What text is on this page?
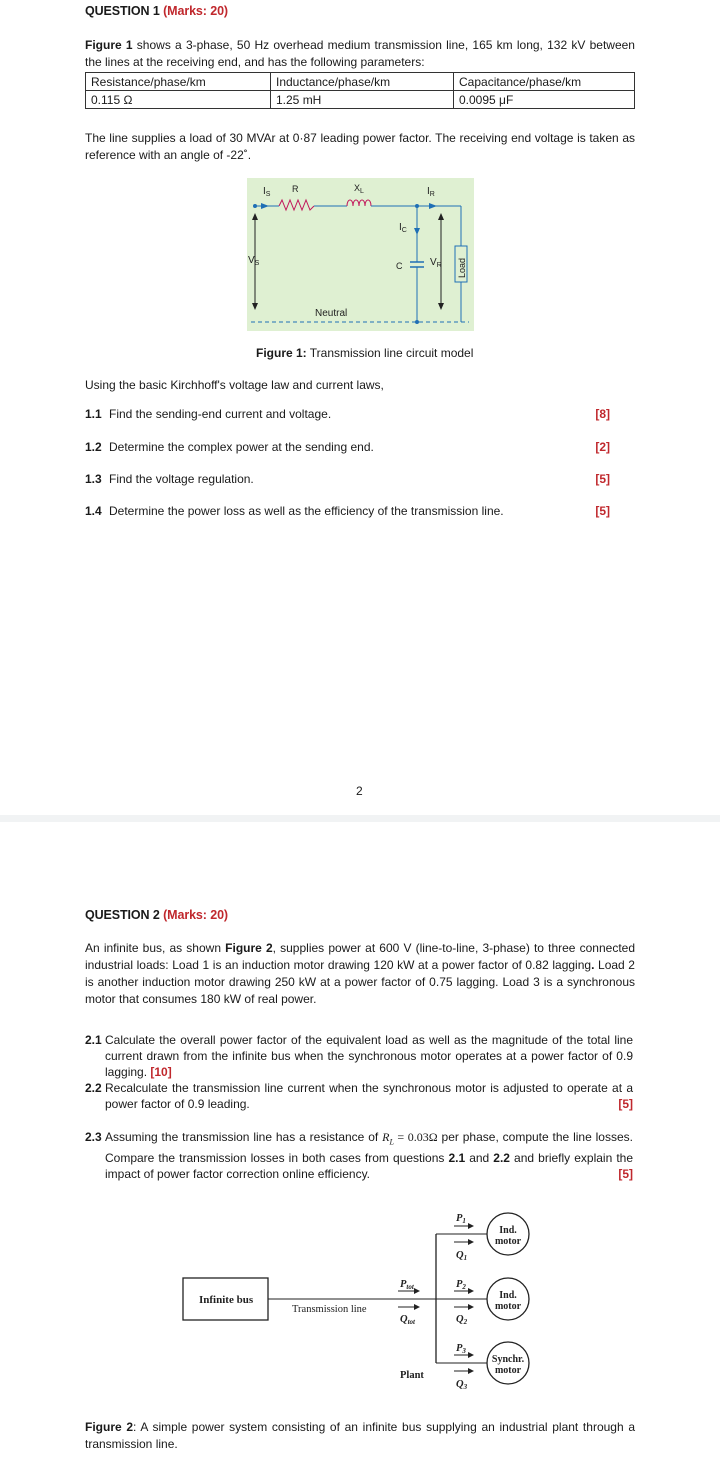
QUESTION 1 (Marks: 20)
Figure 1 shows a 3-phase, 50 Hz overhead medium transmission line, 165 km long, 132 kV between the lines at the receiving end, and has the following parameters:
Resistance/phase/km	Inductance/phase/km	Capacitance/phase/km
0.115 Ω	1.25 mH	0.0095 μF
The line supplies a load of 30 MVAr at 0·87 leading power factor. The receiving end voltage is taken as reference with an angle of -22˚.
Load
$I_S$
R	$X_L$	$I_R$
$I_C$
$V_S$	C	$V_R$
Neutral
Figure 1: Transmission line circuit model
Using the basic Kirchhoff's voltage law and current laws,
1.1 Find the sending-end current and voltage.	[8]
1.2 Determine the complex power at the sending end.	[2]
1.3 Find the voltage regulation.	[5]
1.4 Determine the power loss as well as the efficiency of the transmission line.	[5]
2
QUESTION 2 (Marks: 20)
An infinite bus, as shown Figure 2, supplies power at 600 V (line-to-line, 3-phase) to three connected industrial loads: Load 1 is an induction motor drawing 120 kW at a power factor of 0.82 lagging. Load 2 is another induction motor drawing 250 kW at a power factor of 0.75 lagging. Load 3 is a synchronous motor that consumes 180 kW of real power.
2.1 Calculate the overall power factor of the equivalent load as well as the magnitude of the total line current drawn from the infinite bus when the synchronous motor operates at a power factor of 0.9 lagging. [10]
2.2 Recalculate the transmission line current when the synchronous motor is adjusted to operate at a power factor of 0.9 leading.	[5]
2.3 Assuming the transmission line has a resistance of $R_L = 0.03\Omega$ per phase, compute the line losses. Compare the transmission losses in both cases from questions 2.1 and 2.2 and briefly explain the impact of power factor correction online efficiency.	[5]
Infinite bus
Transmission line
Ptot
Qtot
Plant
P1
Q1
P2
Q2
P3
Q3
Ind.
motor
Ind.
motor
Synchr.
motor
Figure 2: A simple power system consisting of an infinite bus supplying an industrial plant through a transmission line.
